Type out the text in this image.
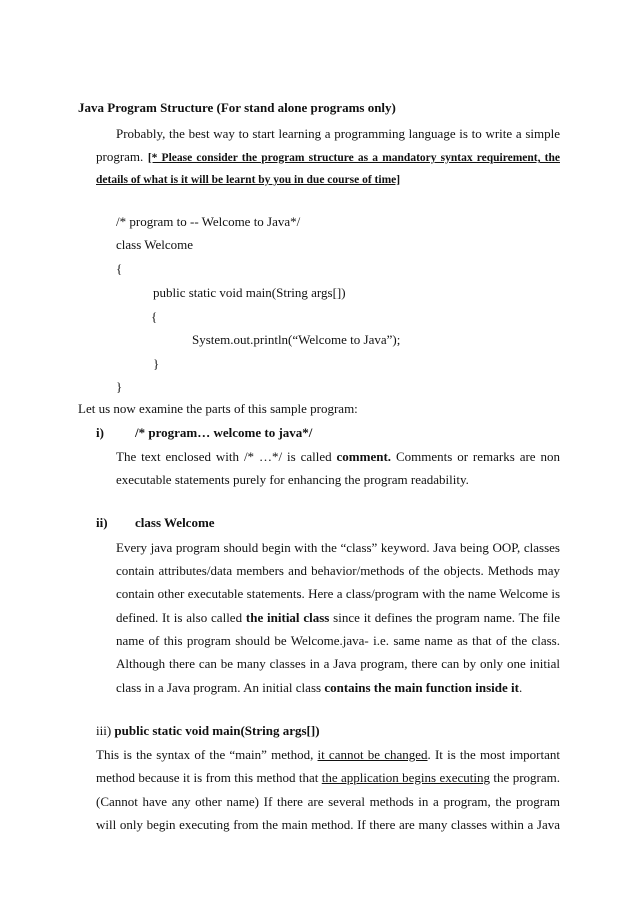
Java Program Structure (For stand alone programs only)
Probably, the best way to start learning a programming language is to write a simple
program. [* Please consider the program structure as a mandatory syntax requirement, the
details of what is it will be learnt by you in due course of time]
/* program to -- Welcome to Java*/
class Welcome
{
public static void main(String args[])
{
System.out.println(“Welcome to Java”);
}
}
Let us now examine the parts of this sample program:
i) /* program… welcome to java*/
The text enclosed with /* …*/ is called comment. Comments or remarks are non
executable statements purely for enhancing the program readability.
ii) class Welcome
Every java program should begin with the “class” keyword. Java being OOP, classes
contain attributes/data members and behavior/methods of the objects. Methods may
contain other executable statements. Here a class/program with the name Welcome is
defined. It is also called the initial class since it defines the program name. The file
name of this program should be Welcome.java- i.e. same name as that of the class.
Although there can be many classes in a Java program, there can by only one initial
class in a Java program. An initial class contains the main function inside it.
iii) public static void main(String args[])
This is the syntax of the “main” method, it cannot be changed. It is the most important
method because it is from this method that the application begins executing the program.
(Cannot have any other name) If there are several methods in a program, the program
will only begin executing from the main method. If there are many classes within a Java
